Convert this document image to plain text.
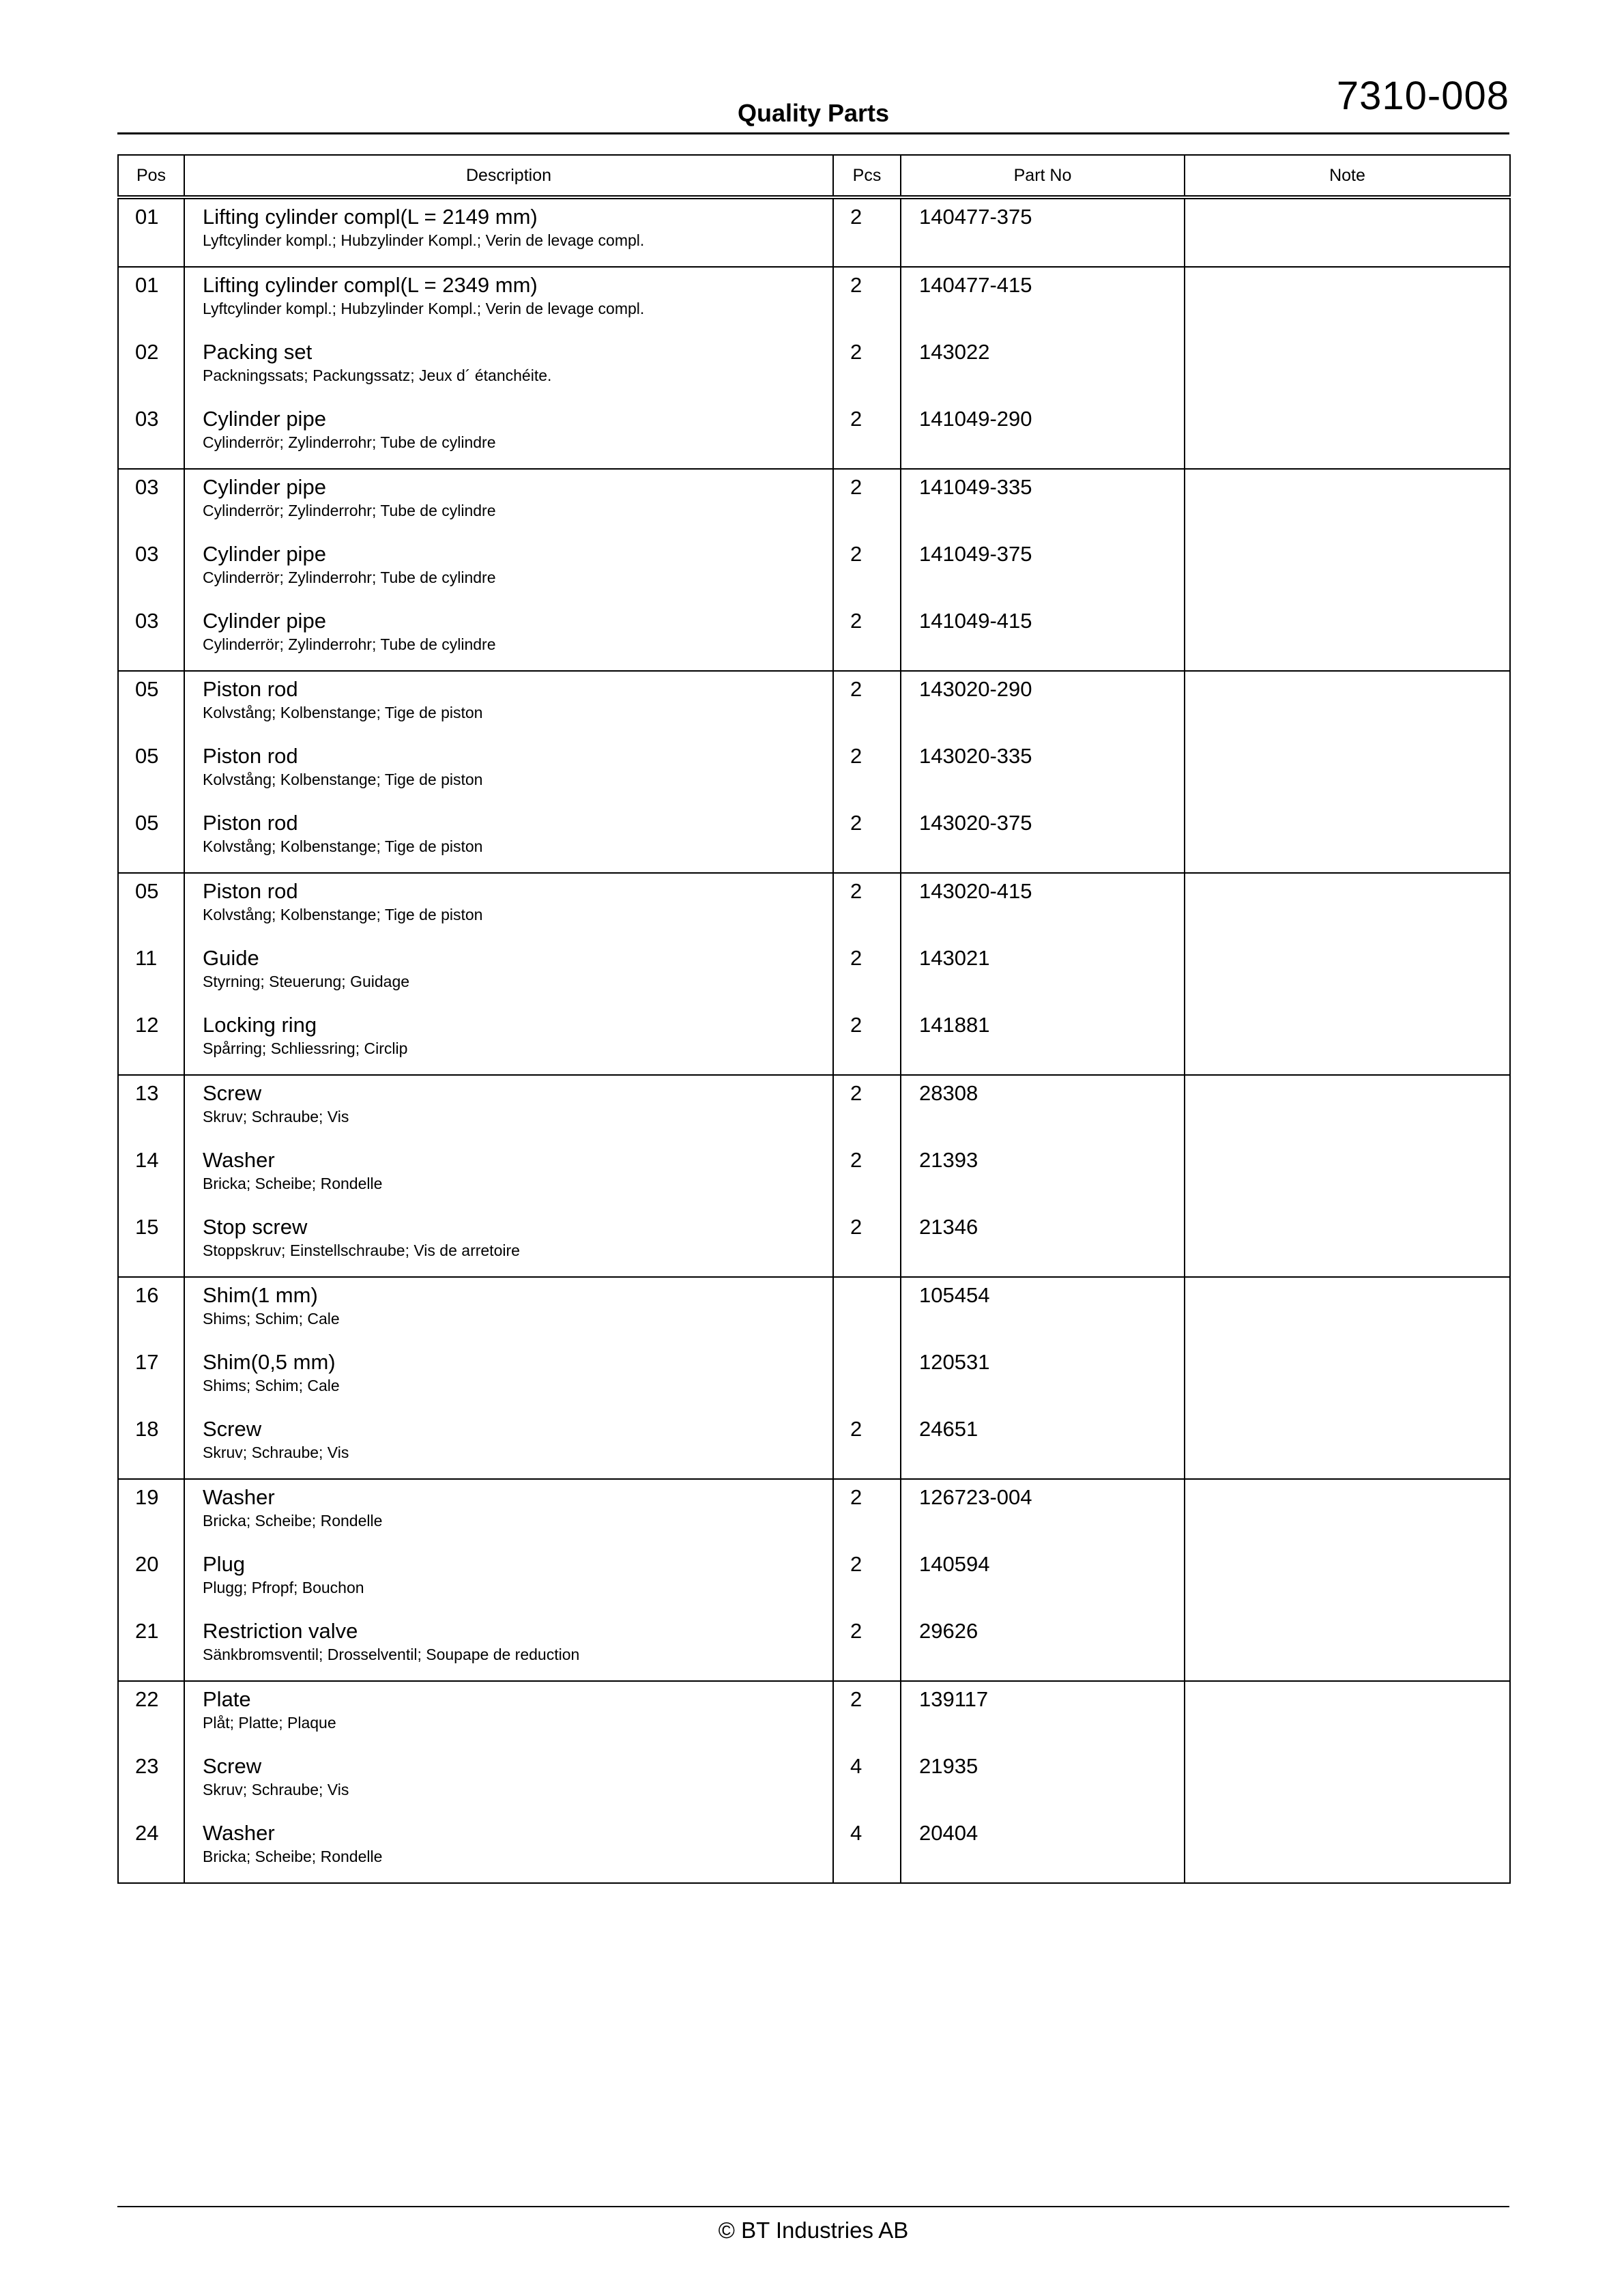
7310-008
Quality Parts
Pos	Description	Pcs	Part No	Note
01	Lifting cylinder compl(L = 2149 mm)
Lyftcylinder kompl.; Hubzylinder Kompl.; Verin de levage compl.	2	140477-375	
01	Lifting cylinder compl(L = 2349 mm)
Lyftcylinder kompl.; Hubzylinder Kompl.; Verin de levage compl.	2	140477-415	
02	Packing set
Packningssats; Packungssatz; Jeux d´ étanchéite.	2	143022	
03	Cylinder pipe
Cylinderrör; Zylinderrohr; Tube de cylindre	2	141049-290	
03	Cylinder pipe
Cylinderrör; Zylinderrohr; Tube de cylindre	2	141049-335	
03	Cylinder pipe
Cylinderrör; Zylinderrohr; Tube de cylindre	2	141049-375	
03	Cylinder pipe
Cylinderrör; Zylinderrohr; Tube de cylindre	2	141049-415	
05	Piston rod
Kolvstång; Kolbenstange; Tige de piston	2	143020-290	
05	Piston rod
Kolvstång; Kolbenstange; Tige de piston	2	143020-335	
05	Piston rod
Kolvstång; Kolbenstange; Tige de piston	2	143020-375	
05	Piston rod
Kolvstång; Kolbenstange; Tige de piston	2	143020-415	
11	Guide
Styrning; Steuerung; Guidage	2	143021	
12	Locking ring
Spårring; Schliessring; Circlip	2	141881	
13	Screw
Skruv; Schraube; Vis	2	28308	
14	Washer
Bricka; Scheibe; Rondelle	2	21393	
15	Stop screw
Stoppskruv; Einstellschraube; Vis de arretoire	2	21346	
16	Shim(1 mm)
Shims; Schim; Cale		105454	
17	Shim(0,5 mm)
Shims; Schim; Cale		120531	
18	Screw
Skruv; Schraube; Vis	2	24651	
19	Washer
Bricka; Scheibe; Rondelle	2	126723-004	
20	Plug
Plugg; Pfropf; Bouchon	2	140594	
21	Restriction valve
Sänkbromsventil; Drosselventil; Soupape de reduction	2	29626	
22	Plate
Plåt; Platte; Plaque	2	139117	
23	Screw
Skruv; Schraube; Vis	4	21935	
24	Washer
Bricka; Scheibe; Rondelle	4	20404	
© BT Industries AB
